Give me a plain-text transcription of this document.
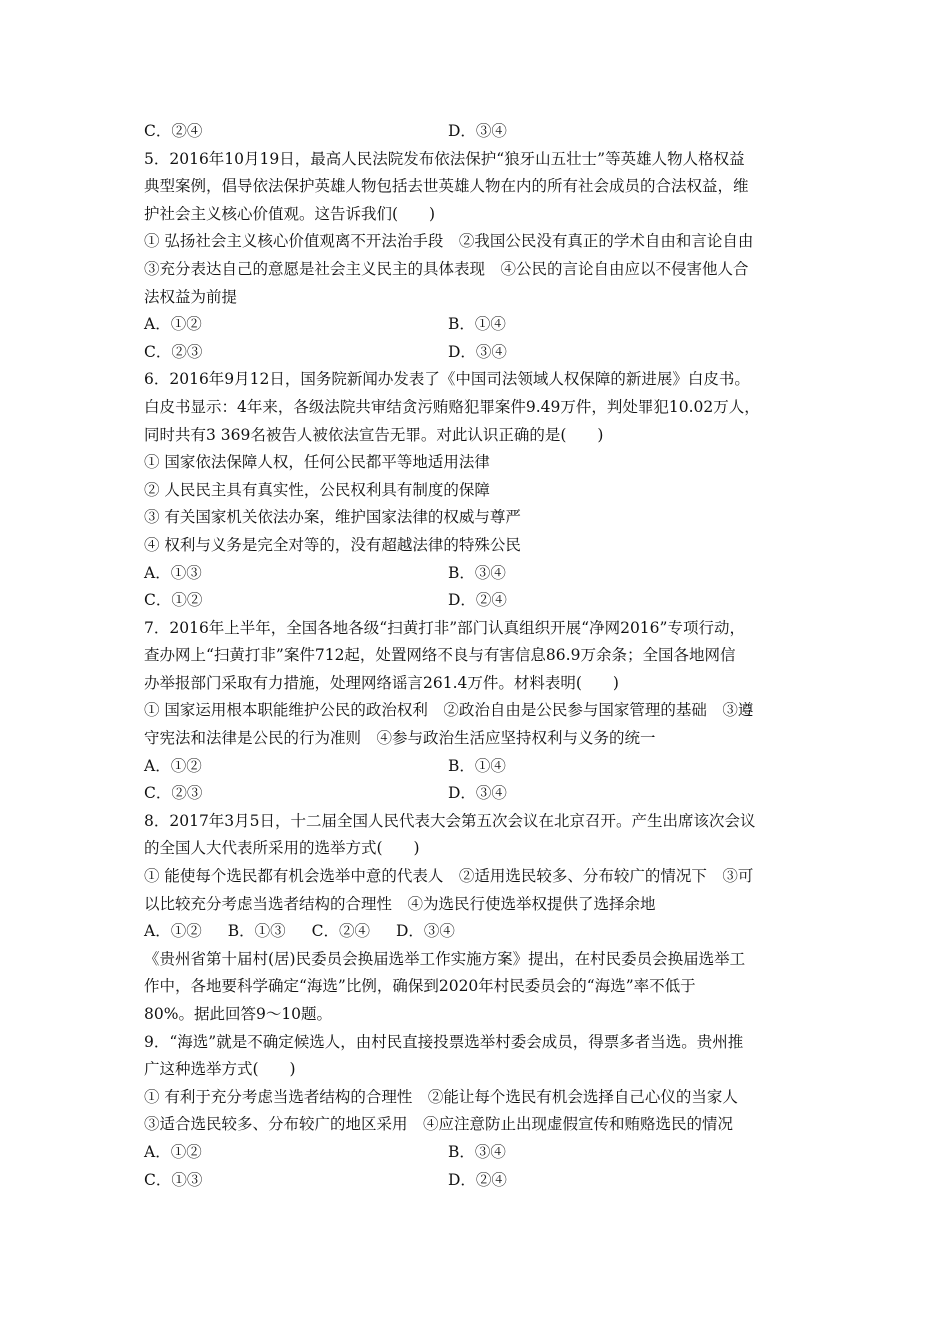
C．②④	D．③④
5．2016年10月19日，最高人民法院发布依法保护“狼牙山五壮士”等英雄人物人格权益
典型案例，倡导依法保护英雄人物包括去世英雄人物在内的所有社会成员的合法权益，维
护社会主义核心价值观。这告诉我们(　　)
① 弘扬社会主义核心价值观离不开法治手段　②我国公民没有真正的学术自由和言论自由
③充分表达自己的意愿是社会主义民主的具体表现　④公民的言论自由应以不侵害他人合
法权益为前提
A．①②	B．①④
C．②③	D．③④
6．2016年9月12日，国务院新闻办发表了《中国司法领域人权保障的新进展》白皮书。
白皮书显示：4年来，各级法院共审结贪污贿赂犯罪案件9.49万件，判处罪犯10.02万人，
同时共有3 369名被告人被依法宣告无罪。对此认识正确的是(　　)
① 国家依法保障人权，任何公民都平等地适用法律
② 人民民主具有真实性，公民权利具有制度的保障
③ 有关国家机关依法办案，维护国家法律的权威与尊严
④ 权利与义务是完全对等的，没有超越法律的特殊公民
A．①③	B．③④
C．①②	D．②④
7．2016年上半年，全国各地各级“扫黄打非”部门认真组织开展“净网2016”专项行动，
查办网上“扫黄打非”案件712起，处置网络不良与有害信息86.9万余条；全国各地网信
办举报部门采取有力措施，处理网络谣言261.4万件。材料表明(　　)
① 国家运用根本职能维护公民的政治权利　②政治自由是公民参与国家管理的基础　③遵
守宪法和法律是公民的行为准则　④参与政治生活应坚持权利与义务的统一
A．①②	B．①④
C．②③	D．③④
8．2017年3月5日，十二届全国人民代表大会第五次会议在北京召开。产生出席该次会议
的全国人大代表所采用的选举方式(　　)
① 能使每个选民都有机会选举中意的代表人　②适用选民较多、分布较广的情况下　③可
以比较充分考虑当选者结构的合理性　④为选民行使选举权提供了选择余地
A．①② B．①③ C．②④ D．③④
《贵州省第十届村(居)民委员会换届选举工作实施方案》提出，在村民委员会换届选举工
作中，各地要科学确定“海选”比例，确保到2020年村民委员会的“海选”率不低于
80%。据此回答9～10题。
9．“海选”就是不确定候选人，由村民直接投票选举村委会成员，得票多者当选。贵州推
广这种选举方式(　　)
① 有利于充分考虑当选者结构的合理性　②能让每个选民有机会选择自己心仪的当家人
③适合选民较多、分布较广的地区采用　④应注意防止出现虚假宣传和贿赂选民的情况
A．①②	B．③④
C．①③	D．②④
